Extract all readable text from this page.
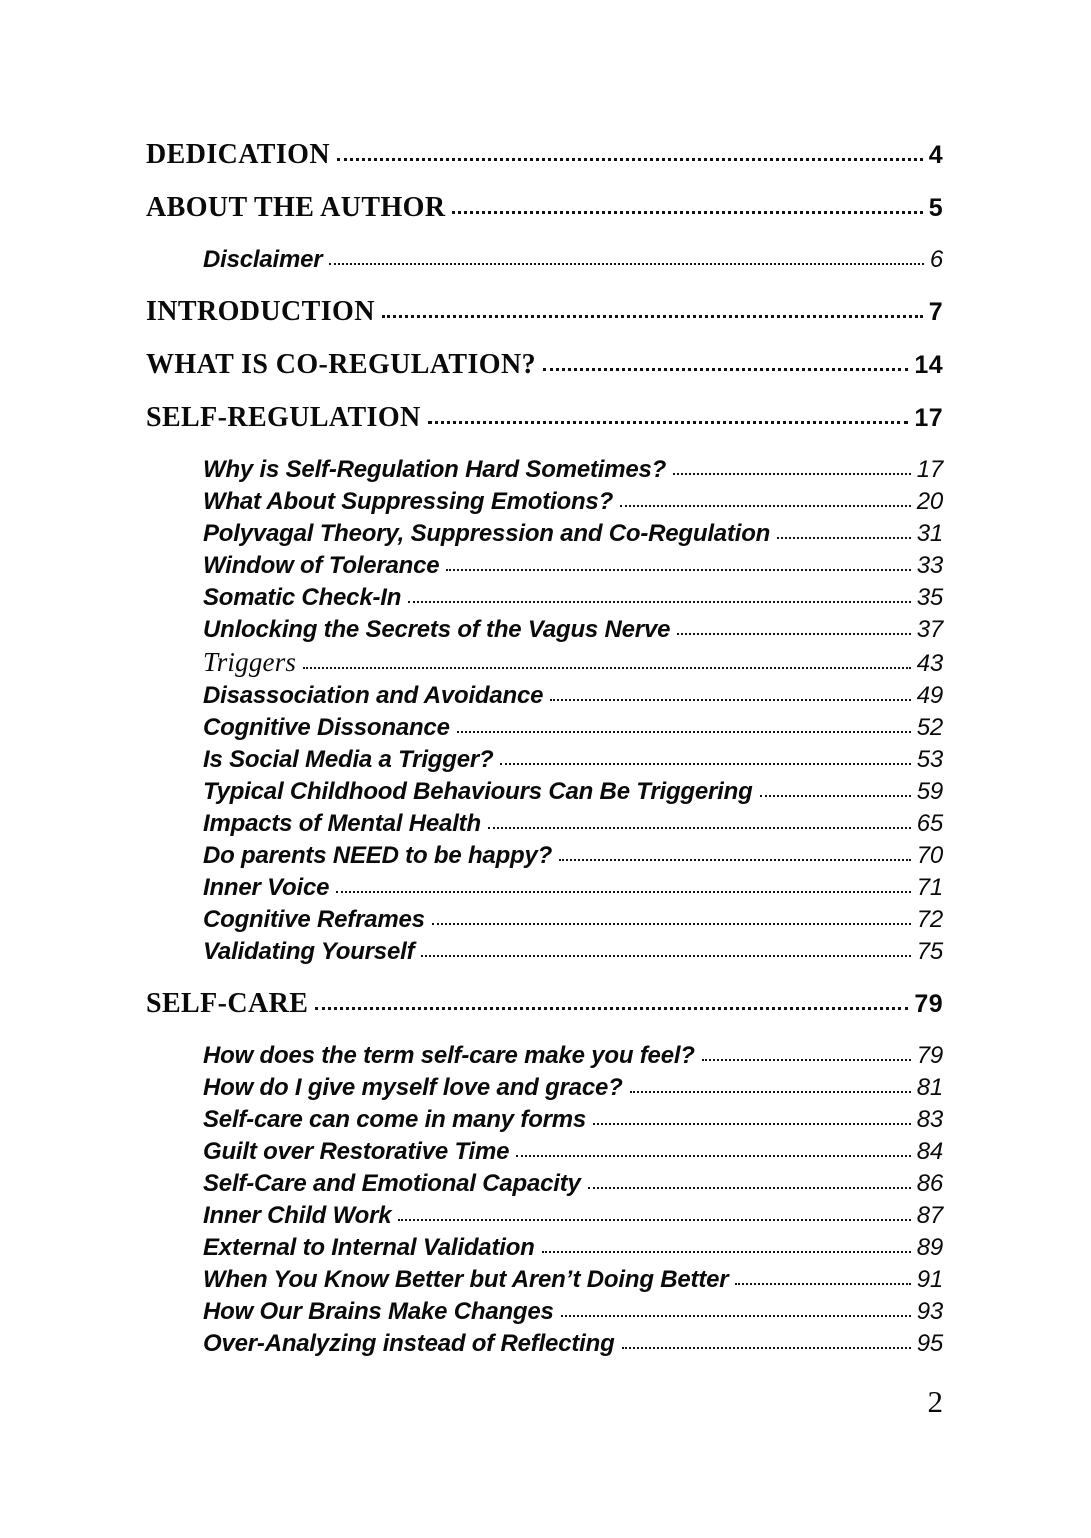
DEDICATION	4
ABOUT THE AUTHOR	5
Disclaimer	6
INTRODUCTION	7
WHAT IS CO-REGULATION?	14
SELF-REGULATION	17
Why is Self-Regulation Hard Sometimes?	17
What About Suppressing Emotions?	20
Polyvagal Theory, Suppression and Co-Regulation	31
Window of Tolerance	33
Somatic Check-In	35
Unlocking the Secrets of the Vagus Nerve	37
Triggers	43
Disassociation and Avoidance	49
Cognitive Dissonance	52
Is Social Media a Trigger?	53
Typical Childhood Behaviours Can Be Triggering	59
Impacts of Mental Health	65
Do parents NEED to be happy?	70
Inner Voice	71
Cognitive Reframes	72
Validating Yourself	75
SELF-CARE	79
How does the term self-care make you feel?	79
How do I give myself love and grace?	81
Self-care can come in many forms	83
Guilt over Restorative Time	84
Self-Care and Emotional Capacity	86
Inner Child Work	87
External to Internal Validation	89
When You Know Better but Aren’t Doing Better	91
How Our Brains Make Changes	93
Over-Analyzing instead of Reflecting	95
2
